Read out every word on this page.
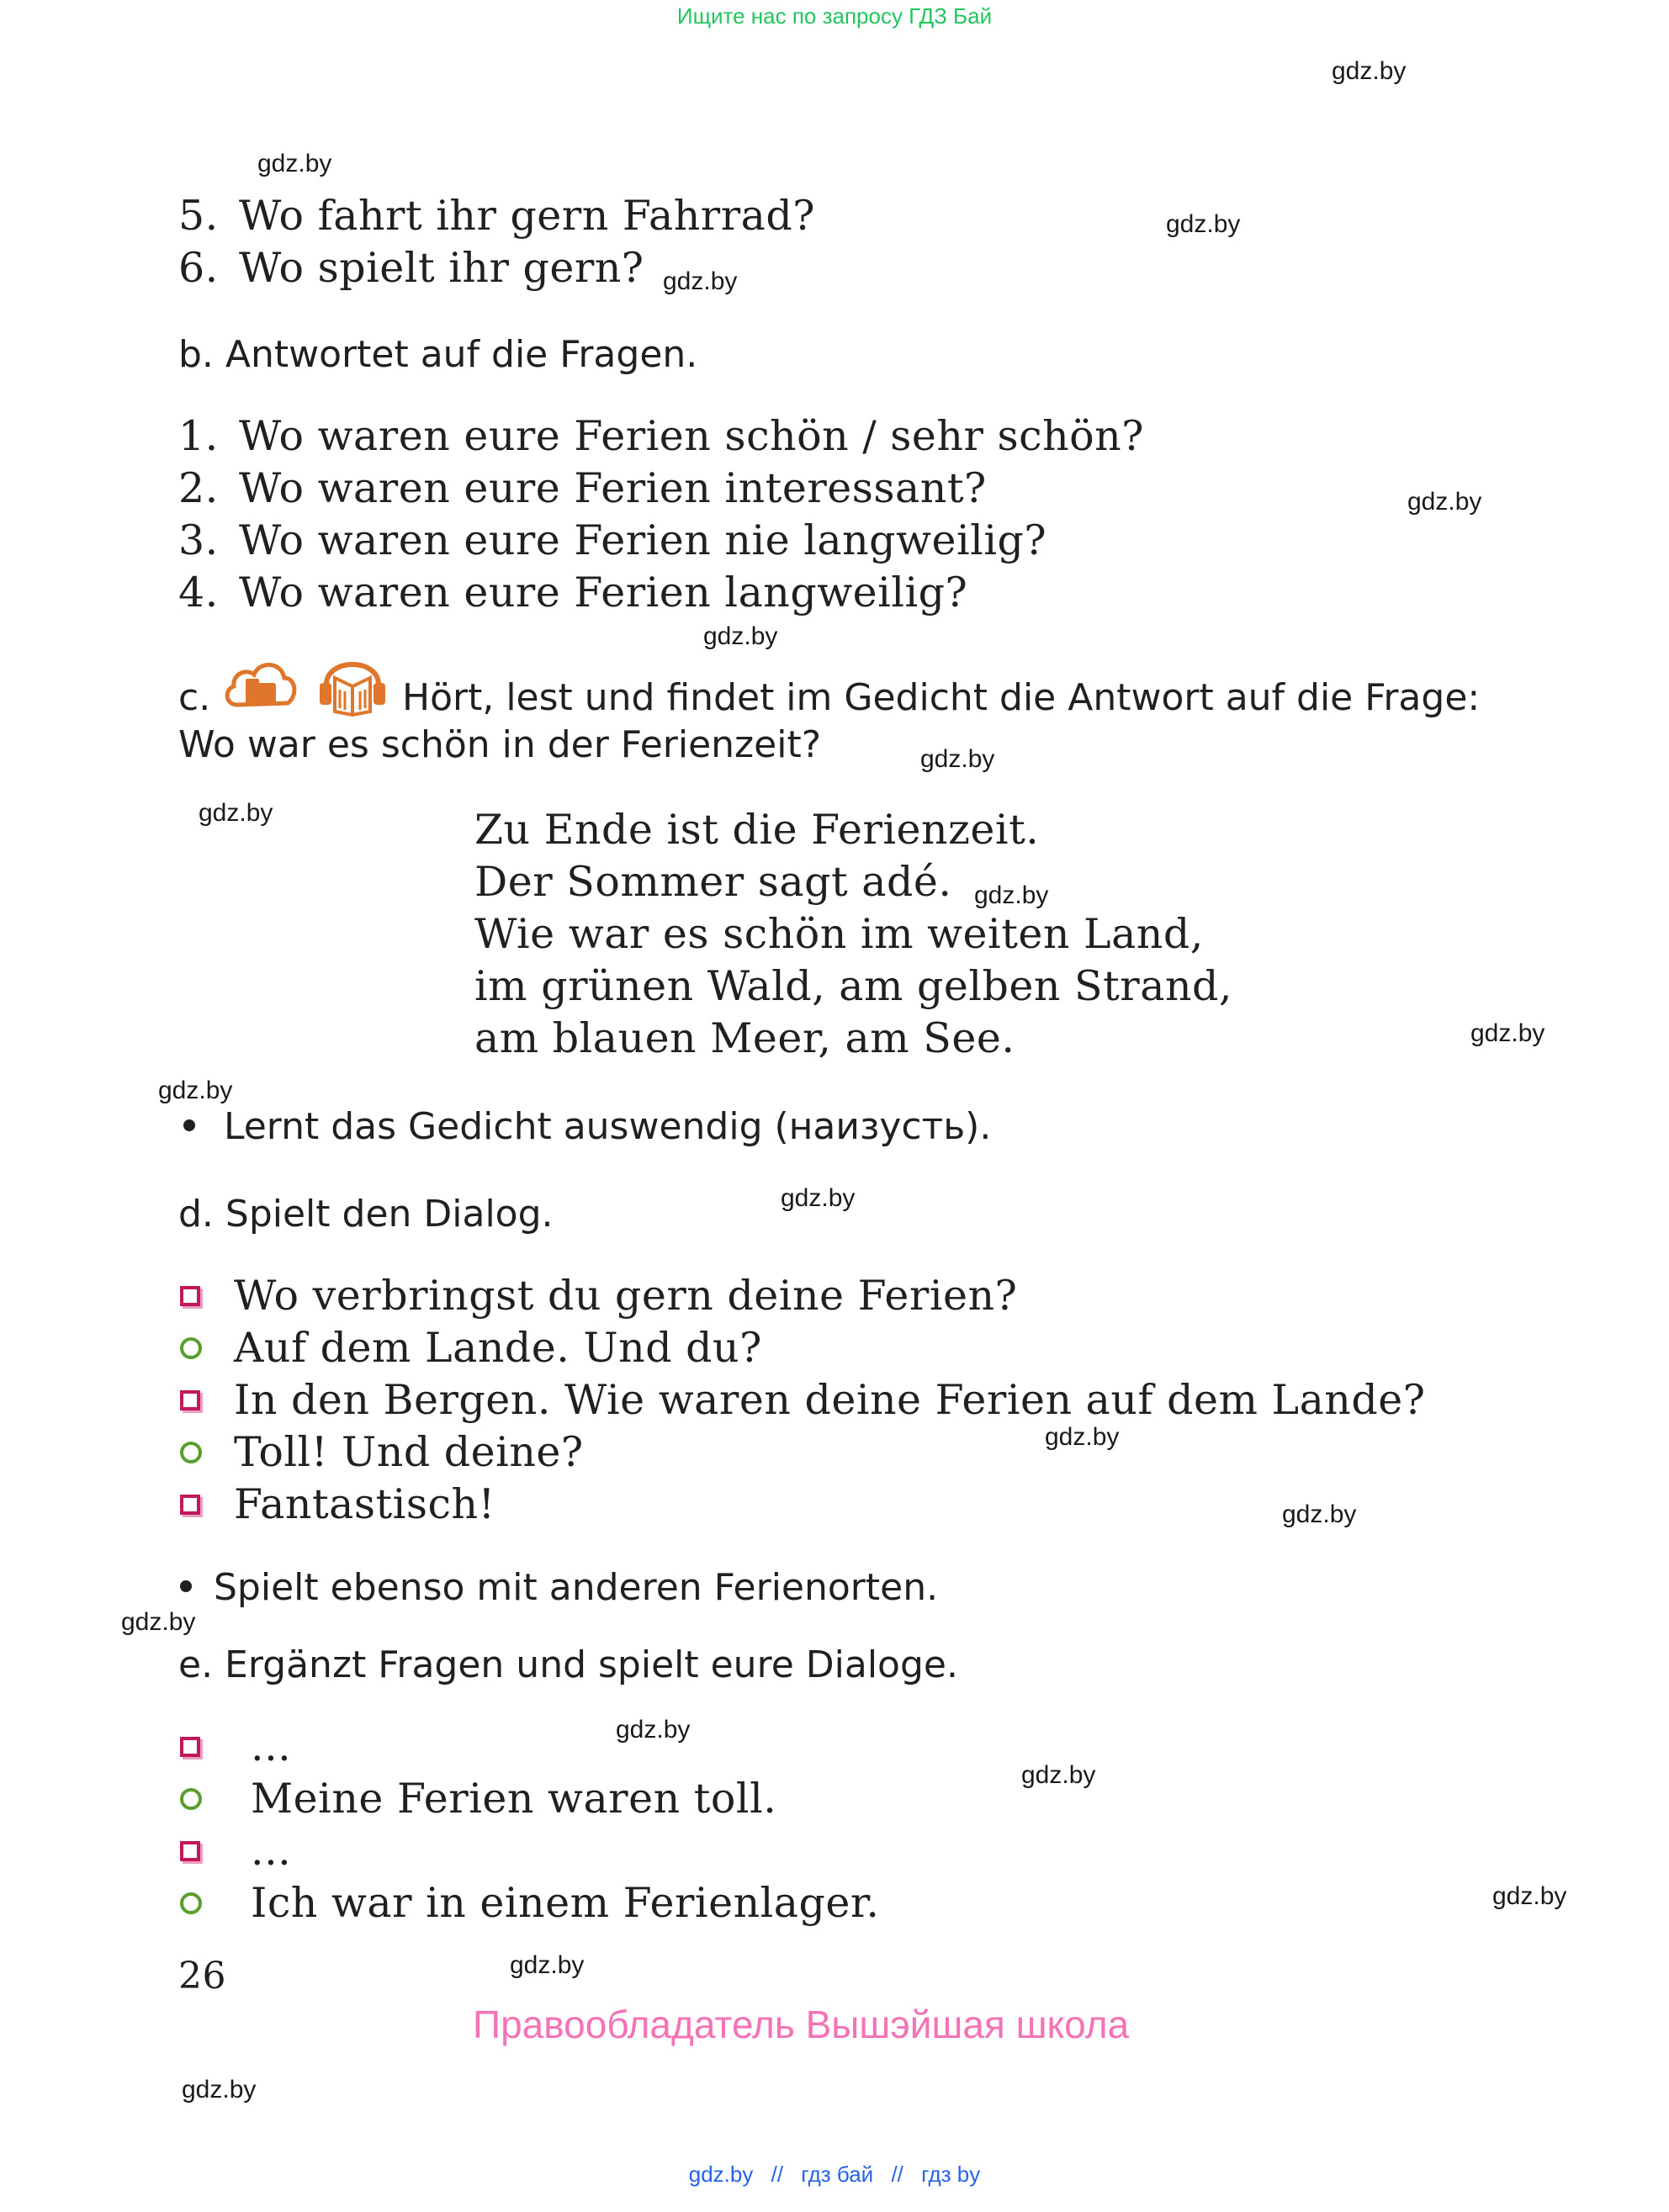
Ищите нас по запросу ГДЗ Бай
gdz.by
gdz.by
gdz.by
gdz.by
gdz.by
gdz.by
gdz.by
gdz.by
gdz.by
gdz.by
gdz.by
gdz.by
gdz.by
gdz.by
gdz.by
gdz.by
gdz.by
gdz.by
gdz.by
gdz.by
5. Wo fahrt ihr gern Fahrrad?
6. Wo spielt ihr gern?
b. Antwortet auf die Fragen.
1. Wo waren eure Ferien schön / sehr schön?
2. Wo waren eure Ferien interessant?
3. Wo waren eure Ferien nie langweilig?
4. Wo waren eure Ferien langweilig?
c.	Hört, lest und findet im Gedicht die Antwort auf die Frage:
Wo war es schön in der Ferienzeit?
Zu Ende ist die Ferienzeit.
Der Sommer sagt adé.
Wie war es schön im weiten Land,
im grünen Wald, am gelben Strand,
am blauen Meer, am See.
Lernt das Gedicht auswendig (наизусть).
d. Spielt den Dialog.
Wo verbringst du gern deine Ferien?
Auf dem Lande. Und du?
In den Bergen. Wie waren deine Ferien auf dem Lande?
Toll! Und deine?
Fantastisch!
Spielt ebenso mit anderen Ferienorten.
e. Ergänzt Fragen und spielt eure Dialoge.
...
Meine Ferien waren toll.
...
Ich war in einem Ferienlager.
26
Правообладатель Вышэйшая школа
gdz.by // гдз бай // гдз by
